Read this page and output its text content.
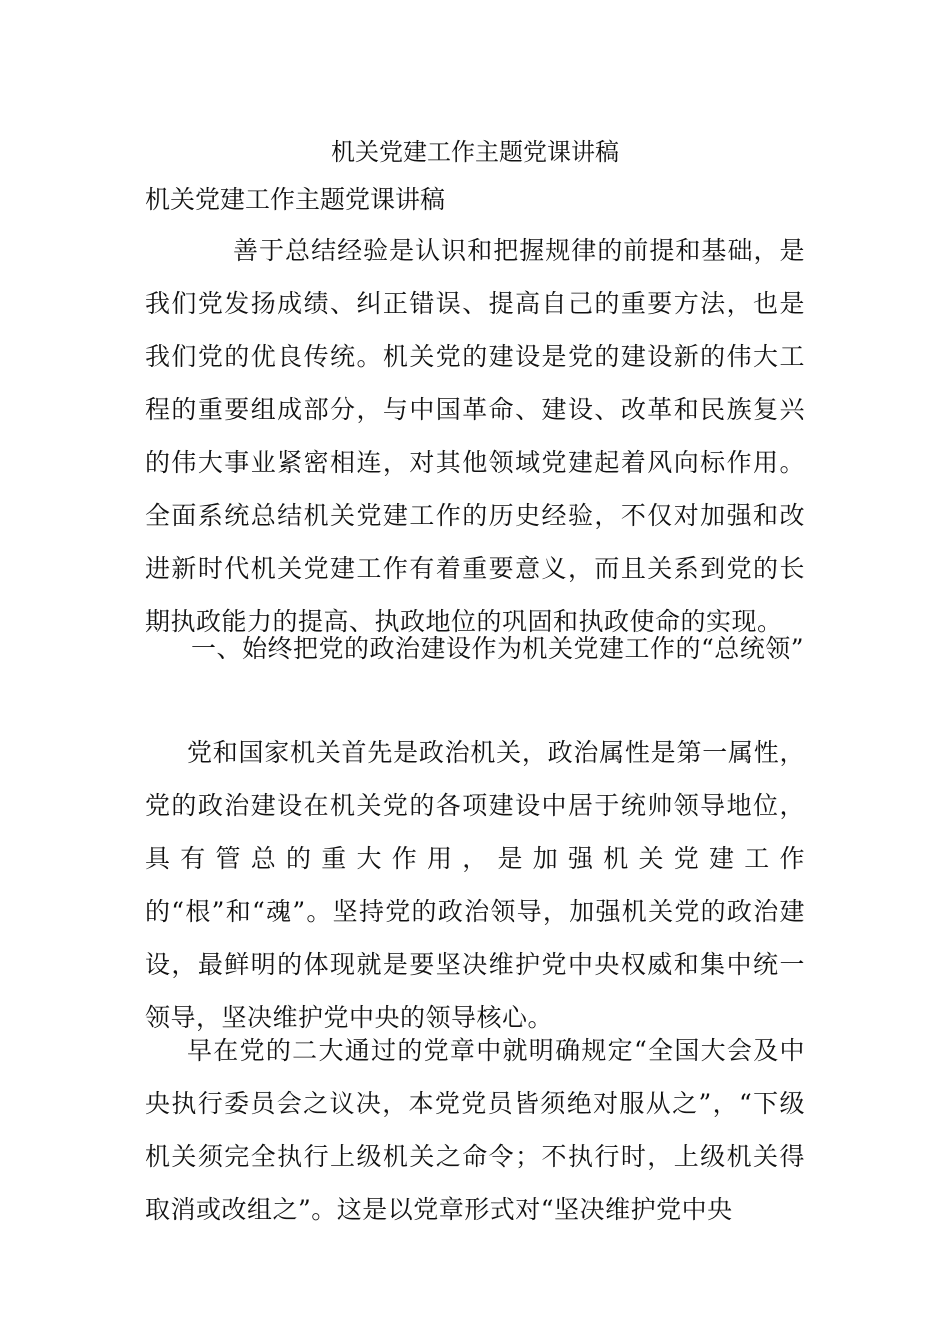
机关党建工作主题党课讲稿
机关党建工作主题党课讲稿

善于总结经验是认识和把握规律的前提和基础，是我们党发扬成绩、纠正错误、提高自己的重要方法，也是我们党的优良传统。机关党的建设是党的建设新的伟大工程的重要组成部分，与中国革命、建设、改革和民族复兴的伟大事业紧密相连，对其他领域党建起着风向标作用。全面系统总结机关党建工作的历史经验，不仅对加强和改进新时代机关党建工作有着重要意义，而且关系到党的长期执政能力的提高、执政地位的巩固和执政使命的实现。

一、始终把党的政治建设作为机关党建工作的“总统领”

党和国家机关首先是政治机关，政治属性是第一属性，党的政治建设在机关党的各项建设中居于统帅领导地位，具有管总的重大作用，是加强机关党建工作的“根”和“魂”。坚持党的政治领导，加强机关党的政治建设，最鲜明的体现就是要坚决维护党中央权威和集中统一领导，坚决维护党中央的领导核心。

早在党的二大通过的党章中就明确规定“全国大会及中央执行委员会之议决，本党党员皆须绝对服从之”，“下级机关须完全执行上级机关之命令；不执行时，上级机关得取消或改组之”。这是以党章形式对“坚决维护党中央
